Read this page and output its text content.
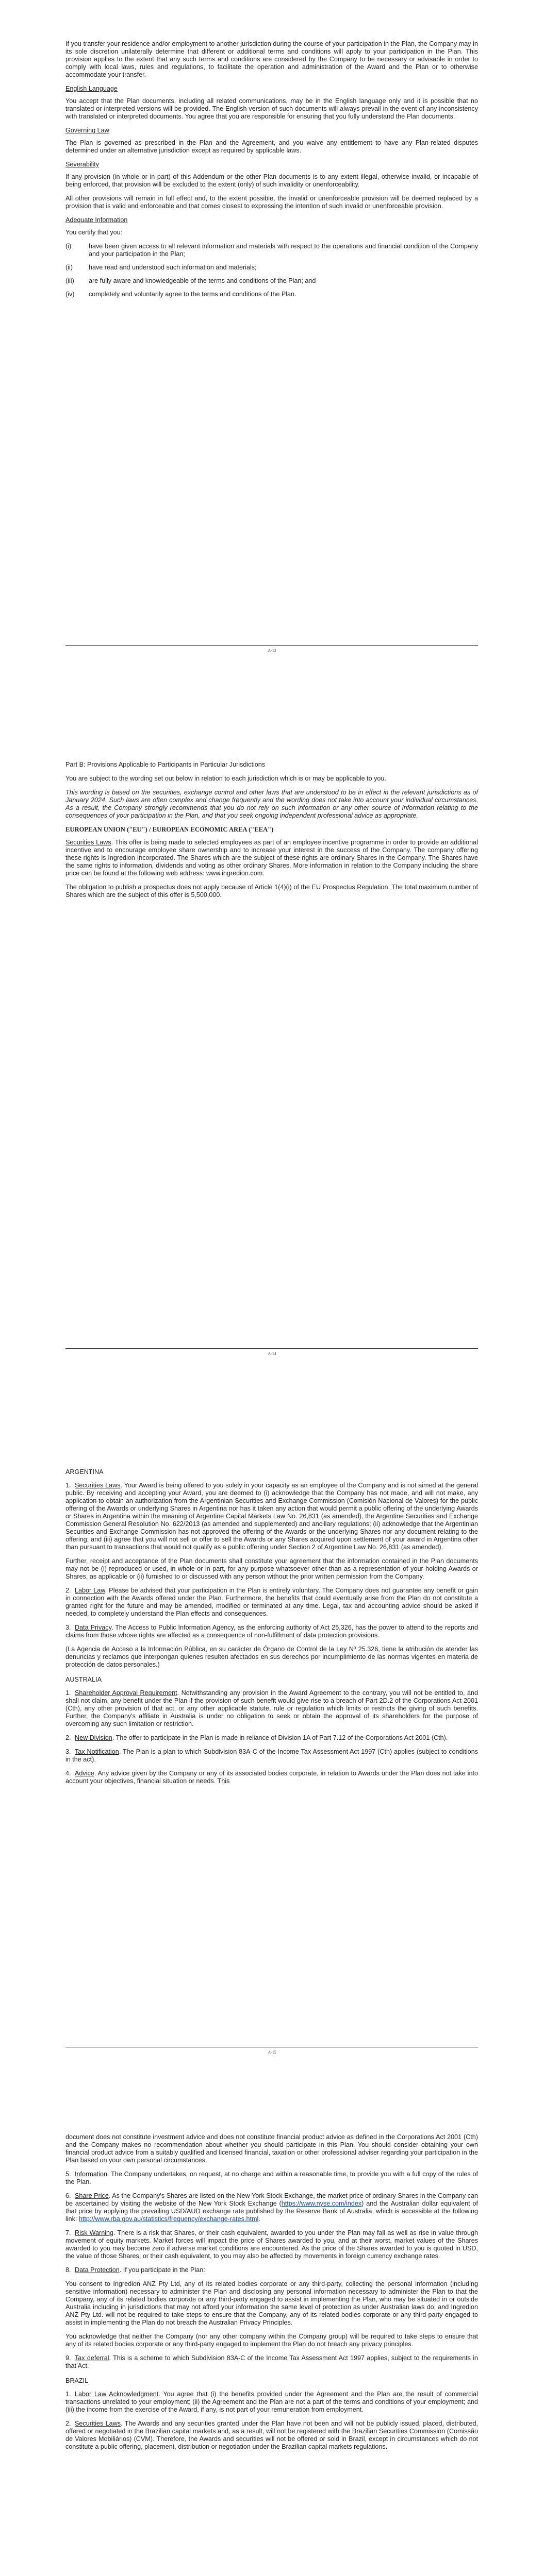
If you transfer your residence and/or employment to another jurisdiction during the course of your participation in the Plan, the Company may in its sole discretion unilaterally determine that different or additional terms and conditions will apply to your participation in the Plan. This provision applies to the extent that any such terms and conditions are considered by the Company to be necessary or advisable in order to comply with local laws, rules and regulations, to facilitate the operation and administration of the Award and the Plan or to otherwise accommodate your transfer.

English Language

You accept that the Plan documents, including all related communications, may be in the English language only and it is possible that no translated or interpreted versions will be provided. The English version of such documents will always prevail in the event of any inconsistency with translated or interpreted documents. You agree that you are responsible for ensuring that you fully understand the Plan documents.

Governing Law

The Plan is governed as prescribed in the Plan and the Agreement, and you waive any entitlement to have any Plan-related disputes determined under an alternative jurisdiction except as required by applicable laws.

Severability

If any provision (in whole or in part) of this Addendum or the other Plan documents is to any extent illegal, otherwise invalid, or incapable of being enforced, that provision will be excluded to the extent (only) of such invalidity or unenforceability.

All other provisions will remain in full effect and, to the extent possible, the invalid or unenforceable provision will be deemed replaced by a provision that is valid and enforceable and that comes closest to expressing the intention of such invalid or unenforceable provision.

Adequate Information

You certify that you:

(i)	have been given access to all relevant information and materials with respect to the operations and financial condition of the Company and your participation in the Plan;
(ii)	have read and understood such information and materials;
(iii)	are fully aware and knowledgeable of the terms and conditions of the Plan; and
(iv)	completely and voluntarily agree to the terms and conditions of the Plan.
A-13

Part B: Provisions Applicable to Participants in Particular Jurisdictions

You are subject to the wording set out below in relation to each jurisdiction which is or may be applicable to you.

This wording is based on the securities, exchange control and other laws that are understood to be in effect in the relevant jurisdictions as of January 2024. Such laws are often complex and change frequently and the wording does not take into account your individual circumstances. As a result, the Company strongly recommends that you do not rely on such information or any other source of information relating to the consequences of your participation in the Plan, and that you seek ongoing independent professional advice as appropriate.

EUROPEAN UNION ("EU") / EUROPEAN ECONOMIC AREA ("EEA")

Securities Laws. This offer is being made to selected employees as part of an employee incentive programme in order to provide an additional incentive and to encourage employee share ownership and to increase your interest in the success of the Company. The company offering these rights is Ingredion Incorporated. The Shares which are the subject of these rights are ordinary Shares in the Company. The Shares have the same rights to information, dividends and voting as other ordinary Shares. More information in relation to the Company including the share price can be found at the following web address: www.ingredion.com.

The obligation to publish a prospectus does not apply because of Article 1(4)(i) of the EU Prospectus Regulation. The total maximum number of Shares which are the subject of this offer is 5,500,000.

A-14
ARGENTINA

1. Securities Laws. Your Award is being offered to you solely in your capacity as an employee of the Company and is not aimed at the general public. By receiving and accepting your Award, you are deemed to (i) acknowledge that the Company has not made, and will not make, any application to obtain an authorization from the Argentinian Securities and Exchange Commission (Comisión Nacional de Valores) for the public offering of the Awards or underlying Shares in Argentina nor has it taken any action that would permit a public offering of the underlying Awards or Shares in Argentina within the meaning of Argentine Capital Markets Law No. 26,831 (as amended), the Argentine Securities and Exchange Commission General Resolution No. 622/2013 (as amended and supplemented) and ancillary regulations; (ii) acknowledge that the Argentinian Securities and Exchange Commission has not approved the offering of the Awards or the underlying Shares nor any document relating to the offering; and (iii) agree that you will not sell or offer to sell the Awards or any Shares acquired upon settlement of your award in Argentina other than pursuant to transactions that would not qualify as a public offering under Section 2 of Argentine Law No. 26,831 (as amended).

Further, receipt and acceptance of the Plan documents shall constitute your agreement that the information contained in the Plan documents may not be (i) reproduced or used, in whole or in part, for any purpose whatsoever other than as a representation of your holding Awards or Shares, as applicable or (ii) furnished to or discussed with any person without the prior written permission from the Company.

2. Labor Law. Please be advised that your participation in the Plan is entirely voluntary. The Company does not guarantee any benefit or gain in connection with the Awards offered under the Plan. Furthermore, the benefits that could eventually arise from the Plan do not constitute a granted right for the future and may be amended, modified or terminated at any time. Legal, tax and accounting advice should be asked if needed, to completely understand the Plan effects and consequences.

3. Data Privacy. The Access to Public Information Agency, as the enforcing authority of Act 25,326, has the power to attend to the reports and claims from those whose rights are affected as a consequence of non-fulfillment of data protection provisions.

(La Agencia de Acceso a la Información Pública, en su carácter de Órgano de Control de la Ley Nº 25.326, tiene la atribución de atender las denuncias y reclamos que interpongan quienes resulten afectados en sus derechos por incumplimiento de las normas vigentes en materia de protección de datos personales.)

AUSTRALIA

1. Shareholder Approval Requirement. Notwithstanding any provision in the Award Agreement to the contrary, you will not be entitled to, and shall not claim, any benefit under the Plan if the provision of such benefit would give rise to a breach of Part 2D.2 of the Corporations Act 2001 (Cth), any other provision of that act, or any other applicable statute, rule or regulation which limits or restricts the giving of such benefits. Further, the Company's affiliate in Australia is under no obligation to seek or obtain the approval of its shareholders for the purpose of overcoming any such limitation or restriction.

2. New Division. The offer to participate in the Plan is made in reliance of Division 1A of Part 7.12 of the Corporations Act 2001 (Cth).

3. Tax Notification. The Plan is a plan to which Subdivision 83A-C of the Income Tax Assessment Act 1997 (Cth) applies (subject to conditions in the act).

4. Advice. Any advice given by the Company or any of its associated bodies corporate, in relation to Awards under the Plan does not take into account your objectives, financial situation or needs. This

A-15

document does not constitute investment advice and does not constitute financial product advice as defined in the Corporations Act 2001 (Cth) and the Company makes no recommendation about whether you should participate in this Plan. You should consider obtaining your own financial product advice from a suitably qualified and licensed financial, taxation or other professional adviser regarding your participation in the Plan based on your own personal circumstances.

5. Information. The Company undertakes, on request, at no charge and within a reasonable time, to provide you with a full copy of the rules of the Plan.

6. Share Price. As the Company's Shares are listed on the New York Stock Exchange, the market price of ordinary Shares in the Company can be ascertained by visiting the website of the New York Stock Exchange (https://www.nyse.com/index) and the Australian dollar equivalent of that price by applying the prevailing USD/AUD exchange rate published by the Reserve Bank of Australia, which is accessible at the following link: http://www.rba.gov.au/statistics/frequency/exchange-rates.html.

7. Risk Warning. There is a risk that Shares, or their cash equivalent, awarded to you under the Plan may fall as well as rise in value through movement of equity markets. Market forces will impact the price of Shares awarded to you, and at their worst, market values of the Shares awarded to you may become zero if adverse market conditions are encountered. As the price of the Shares awarded to you is quoted in USD, the value of those Shares, or their cash equivalent, to you may also be affected by movements in foreign currency exchange rates.

8. Data Protection. If you participate in the Plan:

You consent to Ingredion ANZ Pty Ltd, any of its related bodies corporate or any third-party, collecting the personal information (including sensitive information) necessary to administer the Plan and disclosing any personal information necessary to administer the Plan to that the Company, any of its related bodies corporate or any third-party engaged to assist in implementing the Plan, who may be situated in or outside Australia including in jurisdictions that may not afford your information the same level of protection as under Australian laws do; and Ingredion ANZ Pty Ltd. will not be required to take steps to ensure that the Company, any of its related bodies corporate or any third-party engaged to assist in implementing the Plan do not breach the Australian Privacy Principles.

You acknowledge that neither the Company (nor any other company within the Company group) will be required to take steps to ensure that any of its related bodies corporate or any third-party engaged to implement the Plan do not breach any privacy principles.

9. Tax deferral. This is a scheme to which Subdivision 83A-C of the Income Tax Assessment Act 1997 applies, subject to the requirements in that Act.

BRAZIL

1. Labor Law Acknowledgment. You agree that (i) the benefits provided under the Agreement and the Plan are the result of commercial transactions unrelated to your employment; (ii) the Agreement and the Plan are not a part of the terms and conditions of your employment; and (iii) the income from the exercise of the Award, if any, is not part of your remuneration from employment.

2. Securities Laws. The Awards and any securities granted under the Plan have not been and will not be publicly issued, placed, distributed, offered or negotiated in the Brazilian capital markets and, as a result, will not be registered with the Brazilian Securities Commission (Comissão de Valores Mobiliários) (CVM). Therefore, the Awards and securities will not be offered or sold in Brazil, except in circumstances which do not constitute a public offering, placement, distribution or negotiation under the Brazilian capital markets regulations.
